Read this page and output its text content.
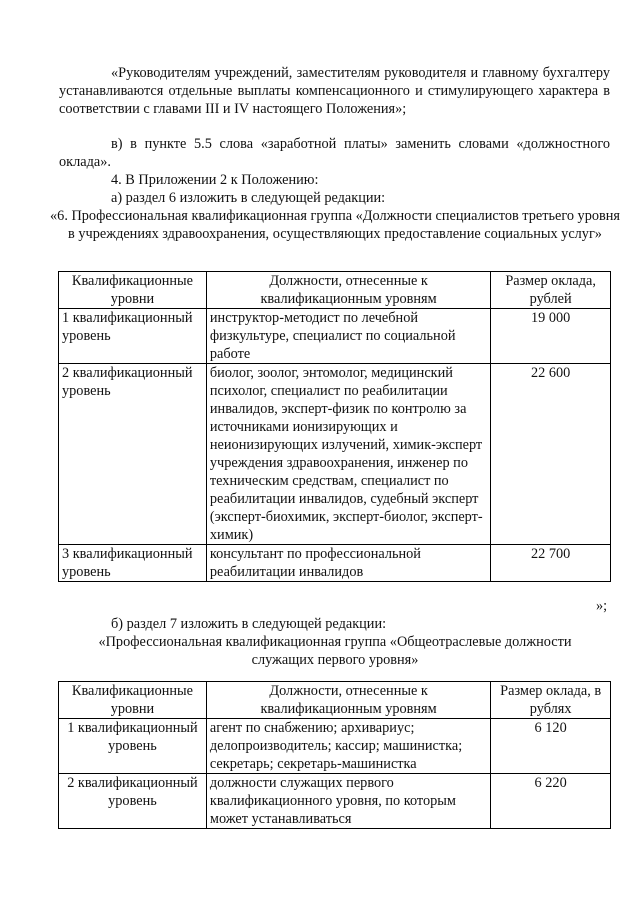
«Руководителям учреждений, заместителям руководителя и главному бухгалтеру устанавливаются отдельные выплаты компенсационного и стимулирующего характера в соответствии с главами III и IV настоящего Положения»;

в) в пункте 5.5 слова «заработной платы» заменить словами «должностного оклада».

4. В Приложении 2 к Положению:

а) раздел 6 изложить в следующей редакции:

«6. Профессиональная квалификационная группа «Должности специалистов третьего уровня в учреждениях здравоохранения, осуществляющих предоставление социальных услуг»

Квалификационные уровни	Должности, отнесенные к квалификационным уровням	Размер оклада, рублей
1 квалификационный уровень	инструктор-методист по лечебной физкультуре, специалист по социальной работе	19 000
2 квалификационный уровень	биолог, зоолог, энтомолог, медицинский психолог, специалист по реабилитации инвалидов, эксперт-физик по контролю за источниками ионизирующих и неионизирующих излучений, химик-эксперт учреждения здравоохранения, инженер по техническим средствам, специалист по реабилитации инвалидов, судебный эксперт (эксперт-биохимик, эксперт-биолог, эксперт-химик)	22 600
3 квалификационный уровень	консультант по профессиональной реабилитации инвалидов	22 700
»;

б) раздел 7 изложить в следующей редакции:

«Профессиональная квалификационная группа «Общеотраслевые должности служащих первого уровня»

Квалификационные уровни	Должности, отнесенные к квалификационным уровням	Размер оклада, в рублях
1 квалификационный уровень	агент по снабжению; архивариус; делопроизводитель; кассир; машинистка; секретарь; секретарь-машинистка	6 120
2 квалификационный уровень	должности служащих первого квалификационного уровня, по которым может устанавливаться	6 220
